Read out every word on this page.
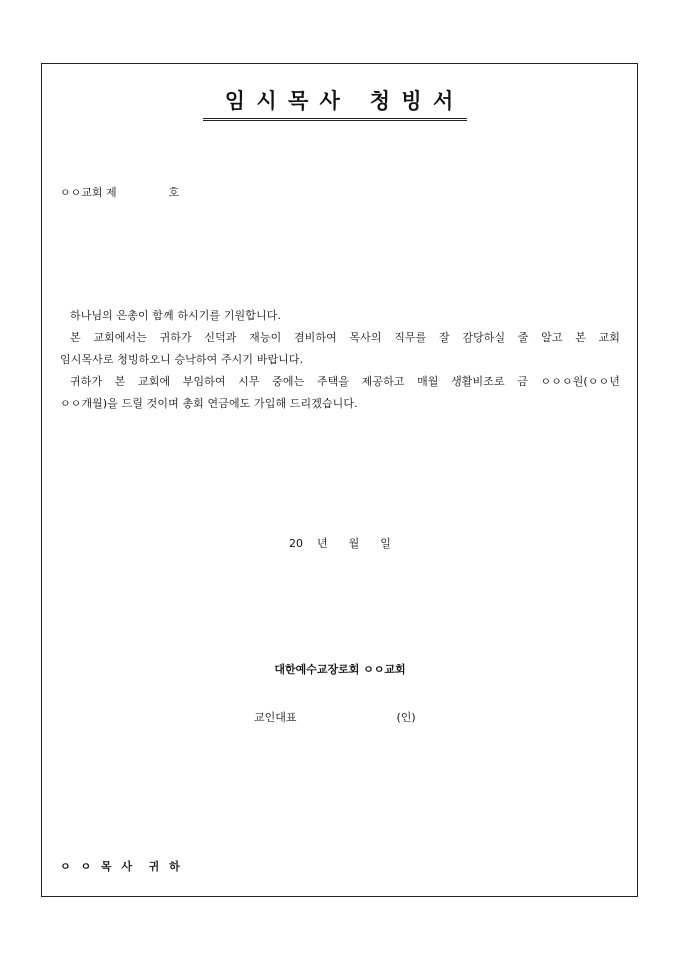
임 시 목 사   청 빙 서
ㅇㅇ교회 제	호

하나님의 은총이 함께 하시기를 기원합니다.

본 교회에서는 귀하가 신덕과 재능이 겸비하여 목사의 직무를 잘 감당하실 줄 알고 본 교회

임시목사로 청빙하오니 승낙하여 주시기 바랍니다.

귀하가 본 교회에 부임하여 시무 중에는 주택을 제공하고 매월 생활비조로 금 ㅇㅇㅇ원(ㅇㅇ년

ㅇㅇ개월)을 드릴 것이며 총회 연금에도 가입해 드리겠습니다.

20 년 월 일
대한예수교장로회 ㅇㅇ교회
교인대표	(인)
ㅇ ㅇ 목 사  귀 하
